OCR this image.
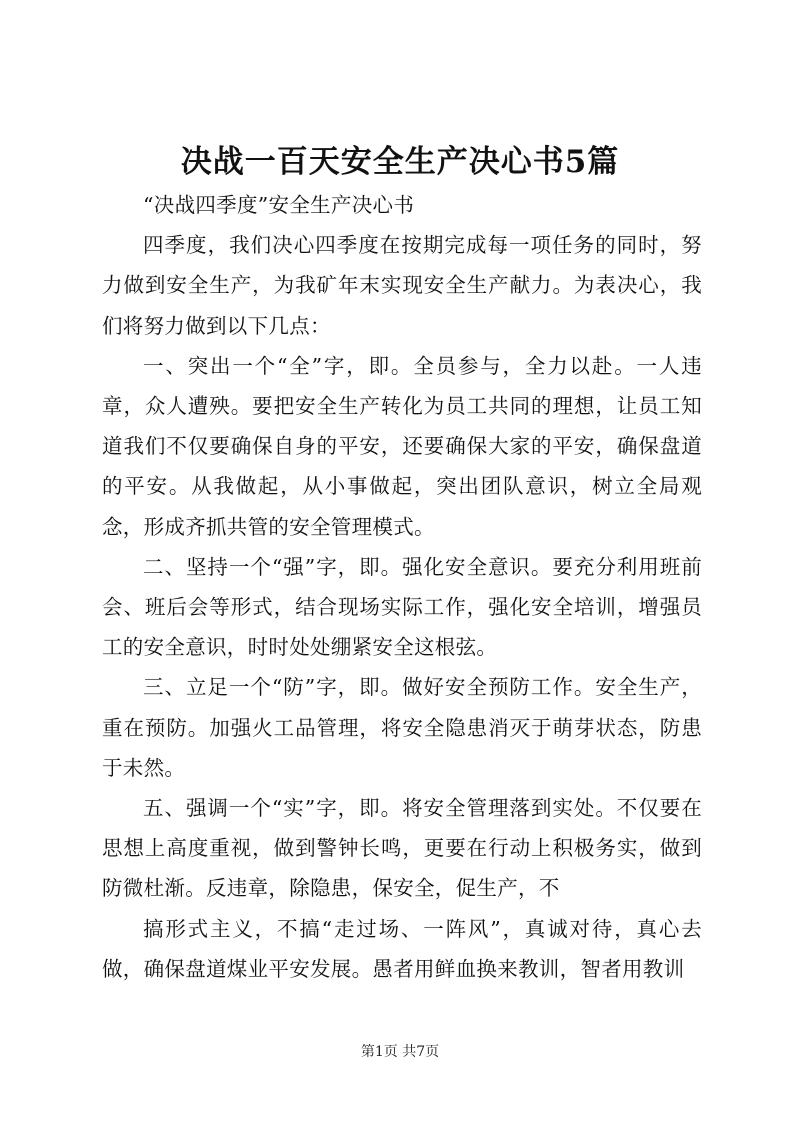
决战一百天安全生产决心书5篇

“决战四季度”安全生产决心书

四季度，我们决心四季度在按期完成每一项任务的同时，努力做到安全生产，为我矿年末实现安全生产献力。为表决心，我们将努力做到以下几点：

一、突出一个“全”字，即。全员参与，全力以赴。一人违章，众人遭殃。要把安全生产转化为员工共同的理想，让员工知道我们不仅要确保自身的平安，还要确保大家的平安，确保盘道的平安。从我做起，从小事做起，突出团队意识，树立全局观念，形成齐抓共管的安全管理模式。

二、坚持一个“强”字，即。强化安全意识。要充分利用班前会、班后会等形式，结合现场实际工作，强化安全培训，增强员工的安全意识，时时处处绷紧安全这根弦。

三、立足一个“防”字，即。做好安全预防工作。安全生产，重在预防。加强火工品管理，将安全隐患消灭于萌芽状态，防患于未然。

五、强调一个“实”字，即。将安全管理落到实处。不仅要在思想上高度重视，做到警钟长鸣，更要在行动上积极务实，做到防微杜渐。反违章，除隐患，保安全，促生产，不

搞形式主义，不搞“走过场、一阵风”，真诚对待，真心去做，确保盘道煤业平安发展。愚者用鲜血换来教训，智者用教训

第1页 共7页
